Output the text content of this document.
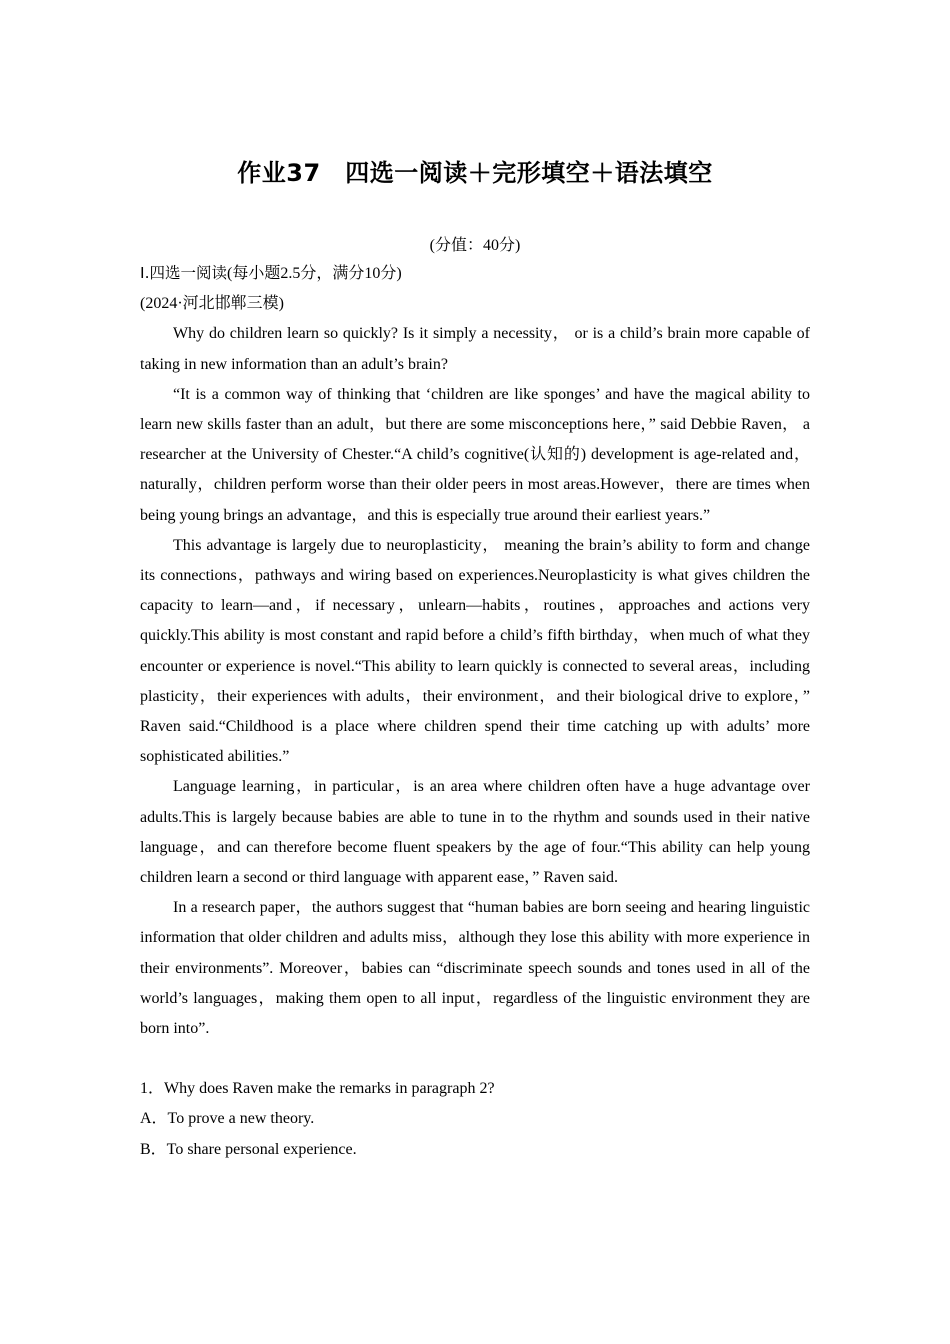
作业37　四选一阅读＋完形填空＋语法填空
(分值：40分)

Ⅰ.四选一阅读(每小题2.5分，满分10分)

(2024·河北邯郸三模)

Why do children learn so quickly? Is it simply a necessity， or is a child’s brain more capable of taking in new information than an adult’s brain?

“It is a common way of thinking that ‘children are like sponges’ and have the magical ability to learn new skills faster than an adult，but there are some misconceptions here，” said Debbie Raven， a researcher at the University of Chester.“A child’s cognitive(认知的) development is age-related and，naturally，children perform worse than their older peers in most areas.However，there are times when being young brings an advantage，and this is especially true around their earliest years.”

This advantage is largely due to neuroplasticity， meaning the brain’s ability to form and change its connections，pathways and wiring based on experiences.Neuroplasticity is what gives children the capacity to learn—and，if necessary，unlearn—habits，routines，approaches and actions very quickly.This ability is most constant and rapid before a child’s fifth birthday，when much of what they encounter or experience is novel.“This ability to learn quickly is connected to several areas，including plasticity，their experiences with adults，their environment，and their biological drive to explore，” Raven said.“Childhood is a place where children spend their time catching up with adults’ more sophisticated abilities.”

Language learning，in particular，is an area where children often have a huge advantage over adults.This is largely because babies are able to tune in to the rhythm and sounds used in their native language，and can therefore become fluent speakers by the age of four.“This ability can help young children learn a second or third language with apparent ease，” Raven said.

In a research paper，the authors suggest that “human babies are born seeing and hearing linguistic information that older children and adults miss，although they lose this ability with more experience in their environments”. Moreover，babies can “discriminate speech sounds and tones used in all of the world’s languages，making them open to all input，regardless of the linguistic environment they are born into”.

1．Why does Raven make the remarks in paragraph 2?

A．To prove a new theory.

B．To share personal experience.
